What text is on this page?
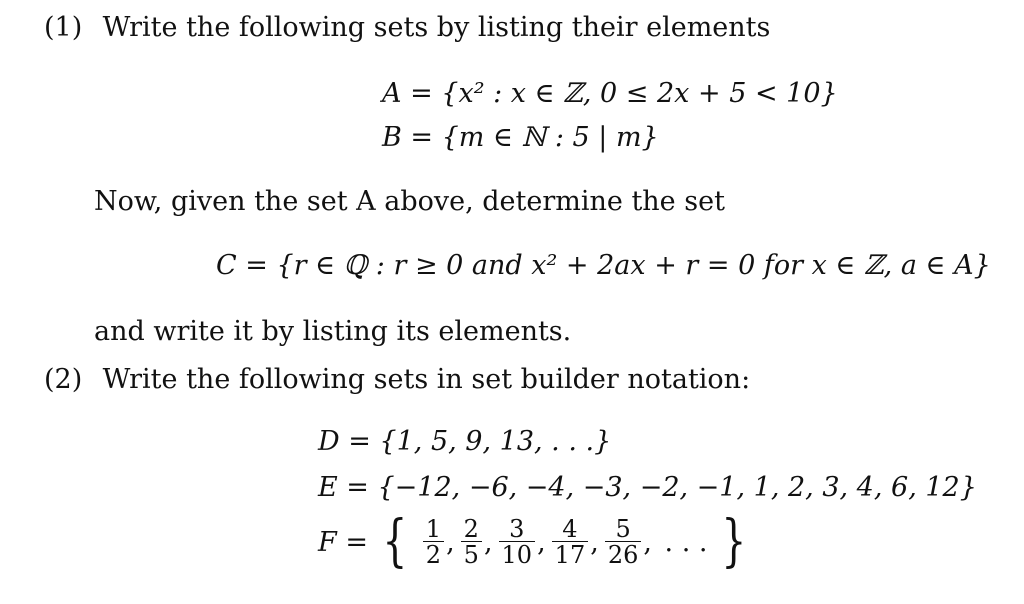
(1) Write the following sets by listing their elements
A = {x² : x ∈ ℤ, 0 ≤ 2x + 5 < 10}
B = {m ∈ ℕ : 5 | m}
Now, given the set A above, determine the set
C = {r ∈ ℚ : r ≥ 0 and x² + 2ax + r = 0 for x ∈ ℤ, a ∈ A}
and write it by listing its elements.
(2) Write the following sets in set builder notation:
D = {1, 5, 9, 13, . . .}
E = {−12, −6, −4, −3, −2, −1, 1, 2, 3, 4, 6, 12}
F = { $\frac{1}{2}$ , $\frac{2}{5}$ , $\frac{3}{10}$ , $\frac{4}{17}$ , $\frac{5}{26}$ , . . . }
